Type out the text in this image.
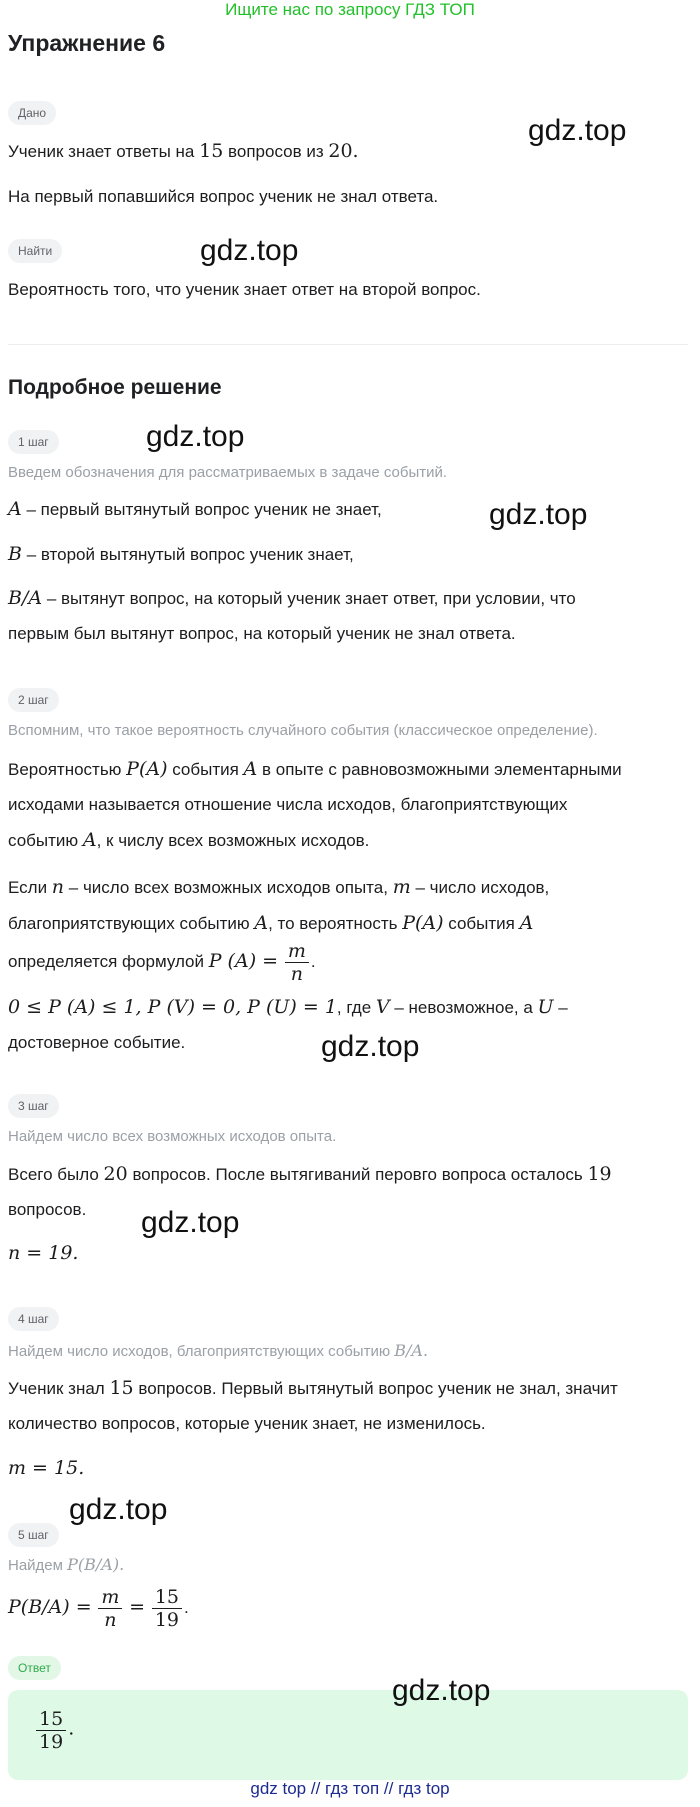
Ищите нас по запросу ГДЗ ТОП
Упражнение 6
Дано
Ученик знает ответы на 15 вопросов из 20.
На первый попавшийся вопрос ученик не знал ответа.
Найти
Вероятность того, что ученик знает ответ на второй вопрос.
Подробное решение
1 шаг
Введем обозначения для рассматриваемых в задаче событий.
A – первый вытянутый вопрос ученик не знает,
B – второй вытянутый вопрос ученик знает,
B/A – вытянут вопрос, на который ученик знает ответ, при условии, что
первым был вытянут вопрос, на который ученик не знал ответа.
2 шаг
Вспомним, что такое вероятность случайного события (классическое определение).
Вероятностью P(A) события A в опыте с равновозможными элементарными
исходами называется отношение числа исходов, благоприятствующих
событию A, к числу всех возможных исходов.
Если n – число всех возможных исходов опыта, m – число исходов,
благоприятствующих событию A, то вероятность P(A) события A
определяется формулой P $(A) = \frac{m}{n}$ .
0 ≤ P (A) ≤ 1, P (V) = 0, P (U) = 1, где V – невозможное, а U –
достоверное событие.
3 шаг
Найдем число всех возможных исходов опыта.
Всего было 20 вопросов. После вытягиваний перовго вопроса осталось 19
вопросов.
n = 19.
4 шаг
Найдем число исходов, благоприятствующих событию B/A.
Ученик знал 15 вопросов. Первый вытянутый вопрос ученик не знал, значит
количество вопросов, которые ученик знает, не изменилось.
m = 15.
5 шаг
Найдем P(B/A).
$P(B/A) = \frac{m}{n} = \frac{15}{19}$ .
Ответ
$\frac{15}{19}$ .
gdz.top
gdz.top
gdz.top
gdz.top
gdz.top
gdz.top
gdz.top
gdz.top
gdz top // гдз топ // гдз top
